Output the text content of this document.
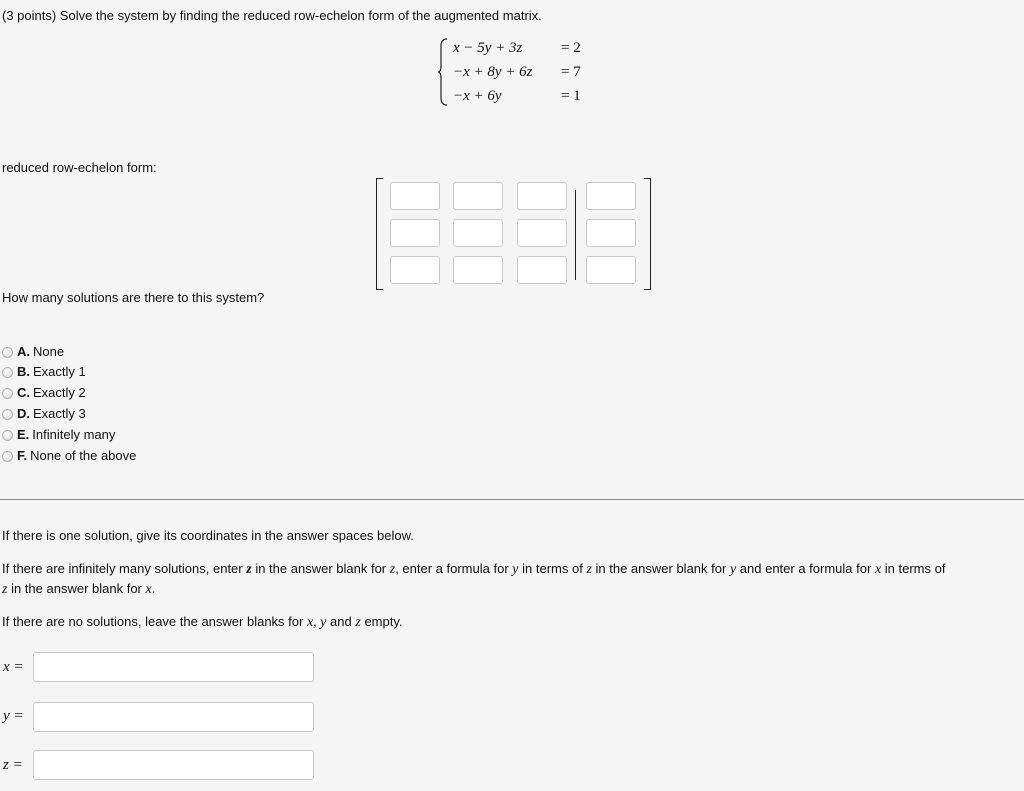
(3 points) Solve the system by finding the reduced row-echelon form of the augmented matrix.
x − 5y + 3z	= 2
−x + 8y + 6z = 7
−x + 6y	= 1
reduced row-echelon form:
How many solutions are there to this system?
A. None
B. Exactly 1
C. Exactly 2
D. Exactly 3
E. Infinitely many
F. None of the above
If there is one solution, give its coordinates in the answer spaces below.
If there are infinitely many solutions, enter z in the answer blank for z, enter a formula for y in terms of z in the answer blank for y and enter a formula for x in terms of
z in the answer blank for x.
If there are no solutions, leave the answer blanks for x, y and z empty.
x =
y =
z =
